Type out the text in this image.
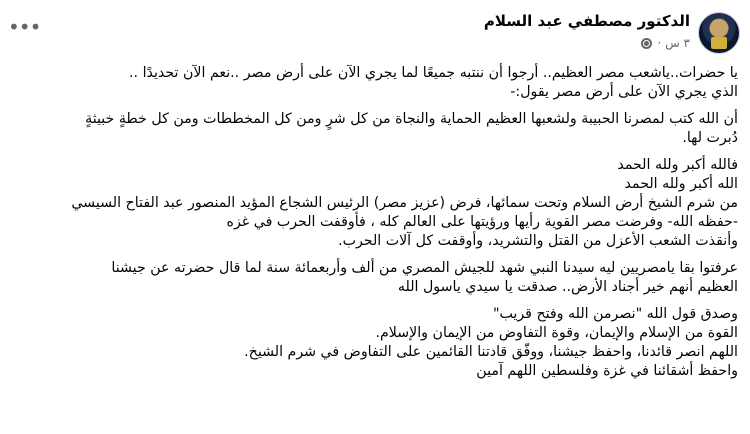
الدكتور مصطفي عبد السلام
٣ س ·
•••

يا حضرات..ياشعب مصر العظيم.. أرجوا أن ننتبه جميعًا لما يجري الآن على أرض مصر ..نعم الآن تحديدًا ..

الذي يجري الآن على أرض مصر يقول:-

أن الله كتب لمصرنا الحبيبة ولشعبها العظيم الحماية والنجاة من كل شرٍ ومن كل المخططات ومن كل خطةٍ خبيثةٍ

دُبرت لها.

فالله أكبر ولله الحمد

الله أكبر ولله الحمد

من شرم الشيخ أرض السلام وتحت سمائها، فرض (عزيز مصر) الرئيس الشجاع المؤيد المنصور عبد الفتاح السيسي

-حفظه الله- وفرضت مصر القوية رأيها ورؤيتها على العالم كله ، فأوقفت الحرب في غزه

وأنقذت الشعب الأعزل من القتل والتشريد، وأوقفت كل آلات الحرب.

عرفتوا بقا يامصريين ليه سيدنا النبي شهد للجيش المصري من ألف وأربعمائة سنة لما قال حضرته عن جيشنا

العظيم أنهم خير أجناد الأرض.. صدقت يا سيدي ياسول الله

وصدق قول الله "نصرمن الله وفتح قريب"

القوة من الإسلام والإيمان، وقوة التفاوض من الإيمان والإسلام.

اللهم انصر قائدنا، واحفظ جيشنا، ووفّق قادتنا القائمين على التفاوض في شرم الشيخ.

واحفظ أشقائنا في غزة وفلسطين اللهم آمين
